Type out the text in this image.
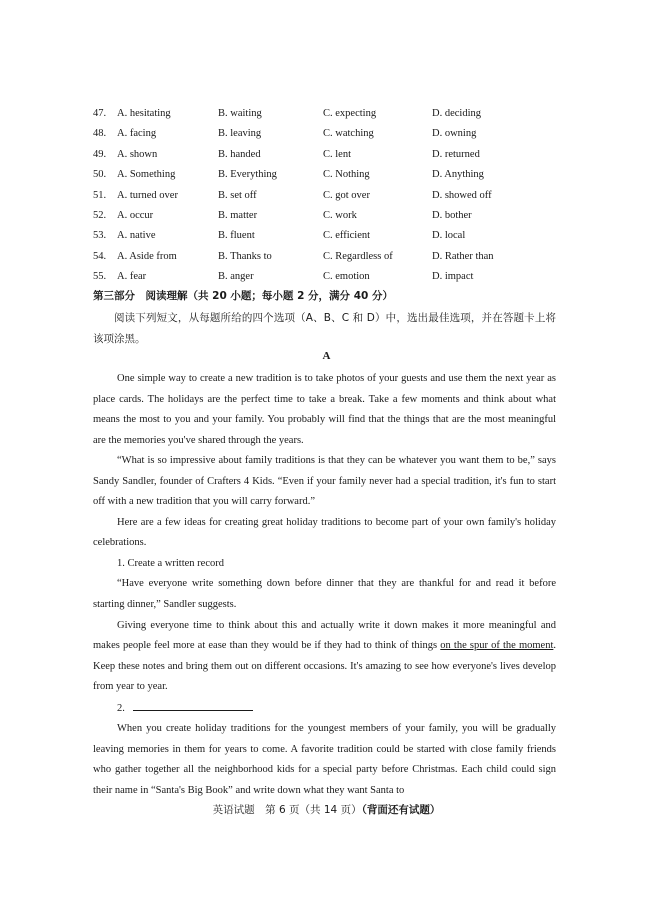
47. A. hesitating	B. waiting	C. expecting	D. deciding
48. A. facing	B. leaving	C. watching	D. owning
49. A. shown	B. handed	C. lent	D. returned
50. A. Something	B. Everything	C. Nothing	D. Anything
51. A. turned over	B. set off	C. got over	D. showed off
52. A. occur	B. matter	C. work	D. bother
53. A. native	B. fluent	C. efficient	D. local
54. A. Aside from	B. Thanks to	C. Regardless of	D. Rather than
55. A. fear	B. anger	C. emotion	D. impact
第三部分　阅读理解（共 20 小题；每小题 2 分，满分 40 分）
阅读下列短文，从每题所给的四个选项（A、B、C 和 D）中，选出最佳选项，并在答题卡上将该项涂黑。
A

One simple way to create a new tradition is to take photos of your guests and use them the next year as place cards. The holidays are the perfect time to take a break. Take a few moments and think about what means the most to you and your family. You probably will find that the things that are the most meaningful are the memories you've shared through the years.

“What is so impressive about family traditions is that they can be whatever you want them to be,” says Sandy Sandler, founder of Crafters 4 Kids. “Even if your family never had a special tradition, it's fun to start off with a new tradition that you will carry forward.”

Here are a few ideas for creating great holiday traditions to become part of your own family's holiday celebrations.

1. Create a written record

“Have everyone write something down before dinner that they are thankful for and read it before starting dinner,” Sandler suggests.

Giving everyone time to think about this and actually write it down makes it more meaningful and makes people feel more at ease than they would be if they had to think of things on the spur of the moment. Keep these notes and bring them out on different occasions. It's amazing to see how everyone's lives develop from year to year.

2.

When you create holiday traditions for the youngest members of your family, you will be gradually leaving memories in them for years to come. A favorite tradition could be started with close family friends who gather together all the neighborhood kids for a special party before Christmas. Each child could sign their name in “Santa's Big Book” and write down what they want Santa to

英语试题　第 6 页（共 14 页）（背面还有试题）
